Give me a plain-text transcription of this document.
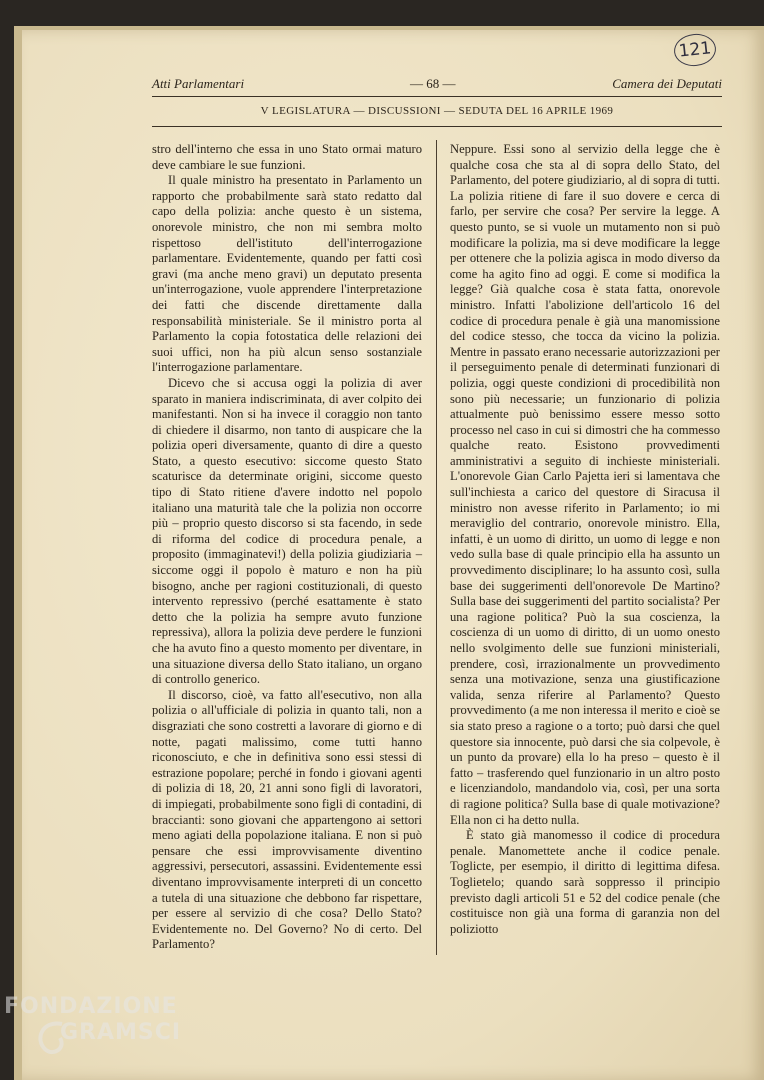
121
Atti Parlamentari	— 68 —	Camera dei Deputati
V LEGISLATURA — DISCUSSIONI — SEDUTA DEL 16 APRILE 1969

stro dell'interno che essa in uno Stato ormai maturo deve cambiare le sue funzioni.

Il quale ministro ha presentato in Parlamento un rapporto che probabilmente sarà stato redatto dal capo della polizia: anche questo è un sistema, onorevole ministro, che non mi sembra molto rispettoso dell'istituto dell'interrogazione parlamentare. Evidentemente, quando per fatti così gravi (ma anche meno gravi) un deputato presenta un'interrogazione, vuole apprendere l'interpretazione dei fatti che discende direttamente dalla responsabilità ministeriale. Se il ministro porta al Parlamento la copia fotostatica delle relazioni dei suoi uffici, non ha più alcun senso sostanziale l'interrogazione parlamentare.

Dicevo che si accusa oggi la polizia di aver sparato in maniera indiscriminata, di aver colpito dei manifestanti. Non si ha invece il coraggio non tanto di chiedere il disarmo, non tanto di auspicare che la polizia operi diversamente, quanto di dire a questo Stato, a questo esecutivo: siccome questo Stato scaturisce da determinate origini, siccome questo tipo di Stato ritiene d'avere indotto nel popolo italiano una maturità tale che la polizia non occorre più – proprio questo discorso si sta facendo, in sede di riforma del codice di procedura penale, a proposito (immaginatevi!) della polizia giudiziaria – siccome oggi il popolo è maturo e non ha più bisogno, anche per ragioni costituzionali, di questo intervento repressivo (perché esattamente è stato detto che la polizia ha sempre avuto funzione repressiva), allora la polizia deve perdere le funzioni che ha avuto fino a questo momento per diventare, in una situazione diversa dello Stato italiano, un organo di controllo generico.

Il discorso, cioè, va fatto all'esecutivo, non alla polizia o all'ufficiale di polizia in quanto tali, non a disgraziati che sono costretti a lavorare di giorno e di notte, pagati malissimo, come tutti hanno riconosciuto, e che in definitiva sono essi stessi di estrazione popolare; perché in fondo i giovani agenti di polizia di 18, 20, 21 anni sono figli di lavoratori, di impiegati, probabilmente sono figli di contadini, di braccianti: sono giovani che appartengono ai settori meno agiati della popolazione italiana. E non si può pensare che essi improvvisamente diventino aggressivi, persecutori, assassini. Evidentemente essi diventano improvvisamente interpreti di un concetto a tutela di una situazione che debbono far rispettare, per essere al servizio di che cosa? Dello Stato? Evidentemente no. Del Governo? No di certo. Del Parlamento?

Neppure. Essi sono al servizio della legge che è qualche cosa che sta al di sopra dello Stato, del Parlamento, del potere giudiziario, al di sopra di tutti. La polizia ritiene di fare il suo dovere e cerca di farlo, per servire che cosa? Per servire la legge. A questo punto, se si vuole un mutamento non si può modificare la polizia, ma si deve modificare la legge per ottenere che la polizia agisca in modo diverso da come ha agito fino ad oggi. E come si modifica la legge? Già qualche cosa è stata fatta, onorevole ministro. Infatti l'abolizione dell'articolo 16 del codice di procedura penale è già una manomissione del codice stesso, che tocca da vicino la polizia. Mentre in passato erano necessarie autorizzazioni per il perseguimento penale di determinati funzionari di polizia, oggi queste condizioni di procedibilità non sono più necessarie; un funzionario di polizia attualmente può benissimo essere messo sotto processo nel caso in cui si dimostri che ha commesso qualche reato. Esistono provvedimenti amministrativi a seguito di inchieste ministeriali. L'onorevole Gian Carlo Pajetta ieri si lamentava che sull'inchiesta a carico del questore di Siracusa il ministro non avesse riferito in Parlamento; io mi meraviglio del contrario, onorevole ministro. Ella, infatti, è un uomo di diritto, un uomo di legge e non vedo sulla base di quale principio ella ha assunto un provvedimento disciplinare; lo ha assunto così, sulla base dei suggerimenti dell'onorevole De Martino? Sulla base dei suggerimenti del partito socialista? Per una ragione politica? Può la sua coscienza, la coscienza di un uomo di diritto, di un uomo onesto nello svolgimento delle sue funzioni ministeriali, prendere, così, irrazionalmente un provvedimento senza una motivazione, senza una giustificazione valida, senza riferire al Parlamento? Questo provvedimento (a me non interessa il merito e cioè se sia stato preso a ragione o a torto; può darsi che quel questore sia innocente, può darsi che sia colpevole, è un punto da provare) ella lo ha preso – questo è il fatto – trasferendo quel funzionario in un altro posto e licenziandolo, mandandolo via, così, per una sorta di ragione politica? Sulla base di quale motivazione? Ella non ci ha detto nulla.

È stato già manomesso il codice di procedura penale. Manomettete anche il codice penale. Toglicte, per esempio, il diritto di legittima difesa. Toglietelo; quando sarà soppresso il principio previsto dagli articoli 51 e 52 del codice penale (che costituisce non già una forma di garanzia non del poliziotto

FONDAZIONE
GRAMSCI
